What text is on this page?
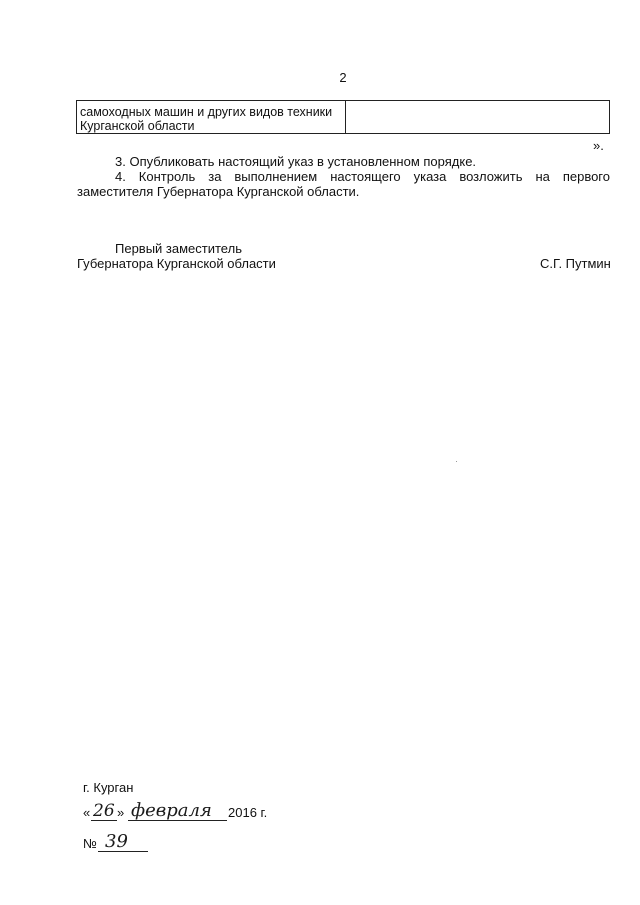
2
самоходных машин и других видов техники
Курганской области
».
3. Опубликовать настоящий указ в установленном порядке.
4. Контроль за выполнением настоящего указа возложить на первого
заместителя Губернатора Курганской области.
Первый заместитель
Губернатора Курганской области	С.Г. Путмин
г. Курган
« 26 » февраля 2016 г.
№ 39
